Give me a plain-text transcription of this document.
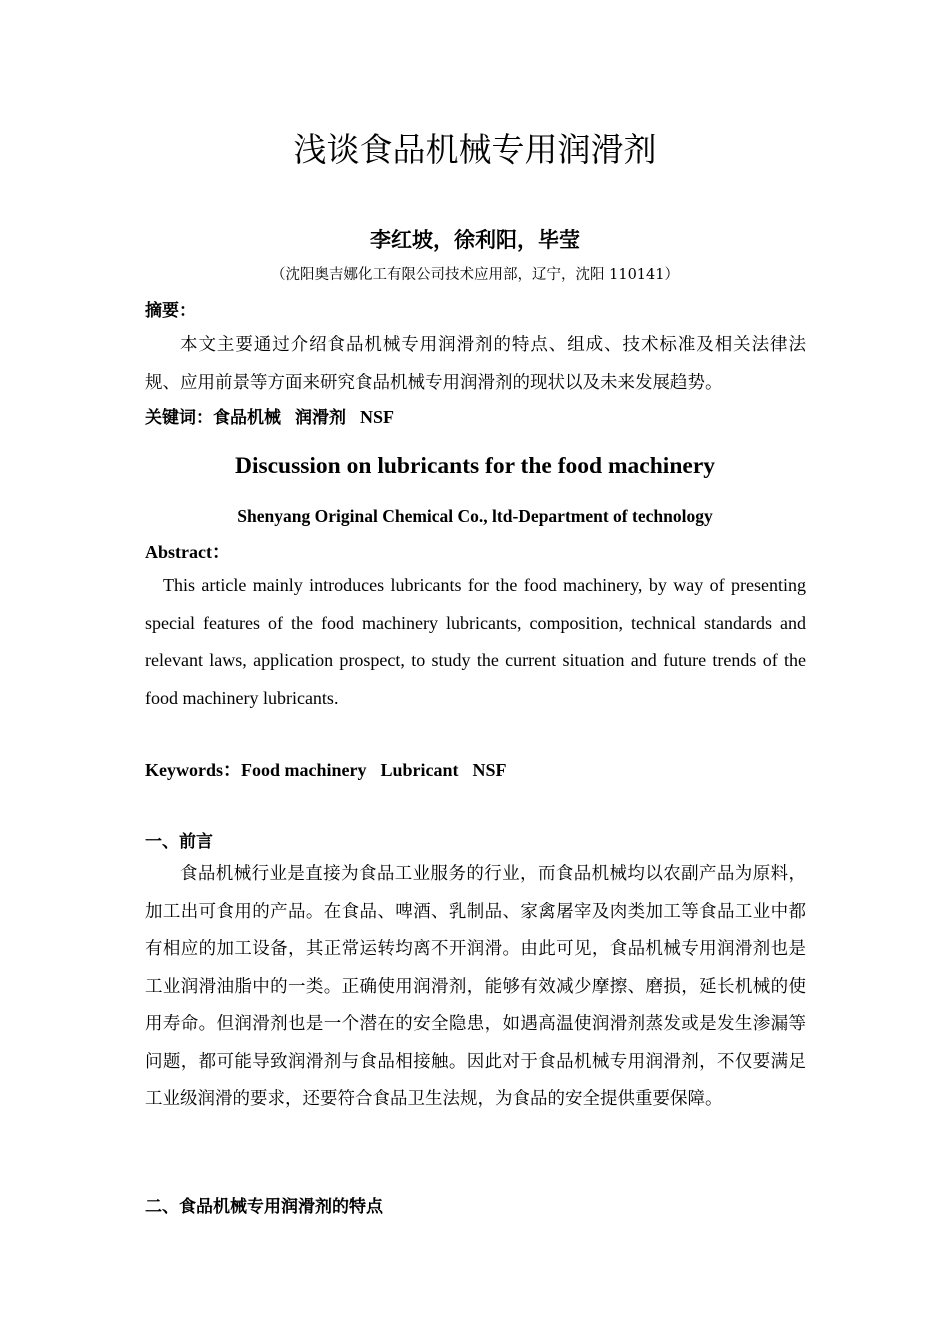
浅谈食品机械专用润滑剂
李红坡，徐利阳，毕莹
（沈阳奥吉娜化工有限公司技术应用部，辽宁，沈阳 110141）
摘要：
本文主要通过介绍食品机械专用润滑剂的特点、组成、技术标准及相关法律法规、应用前景等方面来研究食品机械专用润滑剂的现状以及未来发展趋势。
关键词：食品机械 润滑剂 NSF
Discussion on lubricants for the food machinery
Shenyang Original Chemical Co., ltd-Department of technology
Abstract：
This article mainly introduces lubricants for the food machinery, by way of presenting special features of the food machinery lubricants, composition, technical standards and relevant laws, application prospect, to study the current situation and future trends of the food machinery lubricants.
Keywords：Food machinery Lubricant NSF
一、前言
食品机械行业是直接为食品工业服务的行业，而食品机械均以农副产品为原料，加工出可食用的产品。在食品、啤酒、乳制品、家禽屠宰及肉类加工等食品工业中都有相应的加工设备，其正常运转均离不开润滑。由此可见，食品机械专用润滑剂也是工业润滑油脂中的一类。正确使用润滑剂，能够有效减少摩擦、磨损，延长机械的使用寿命。但润滑剂也是一个潜在的安全隐患，如遇高温使润滑剂蒸发或是发生渗漏等问题，都可能导致润滑剂与食品相接触。因此对于食品机械专用润滑剂，不仅要满足工业级润滑的要求，还要符合食品卫生法规，为食品的安全提供重要保障。
二、食品机械专用润滑剂的特点
